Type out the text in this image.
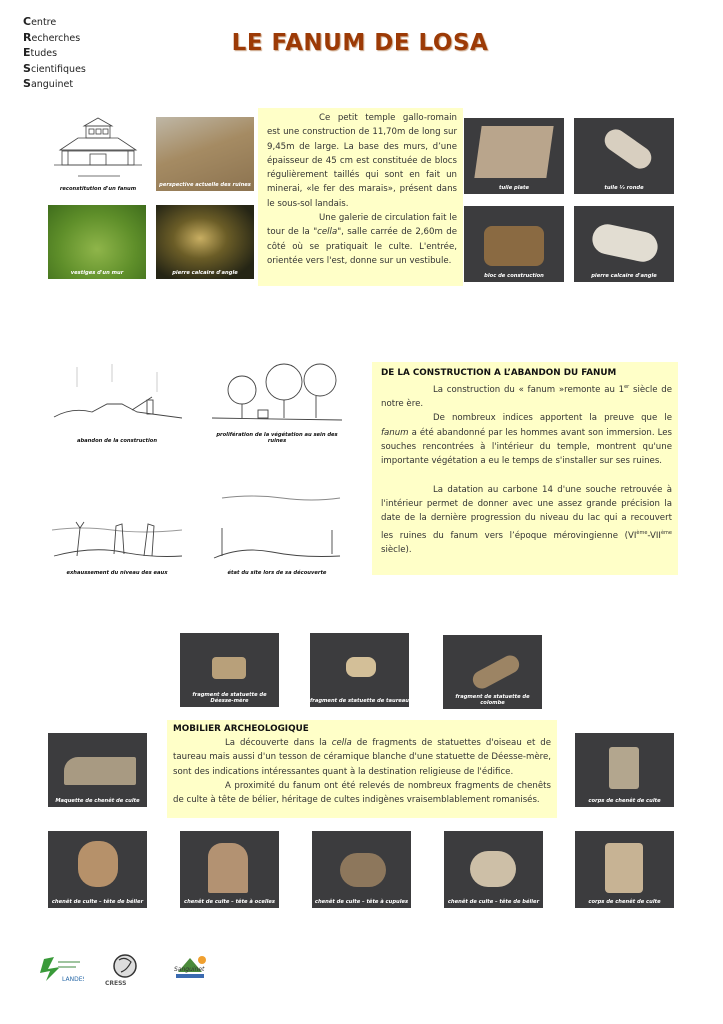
Centre
Recherches
Etudes
Scientifiques
Sanguinet
LE FANUM DE LOSA
reconstitution d'un fanum
perspective actuelle des ruines
vestiges d'un mur	pierre calcaire d'angle

Ce petit temple gallo-romain est une construction de 11,70m de long sur 9,45m de large. La base des murs, d’une épaisseur de 45 cm est constituée de blocs régulièrement taillés qui sont en fait un minerai, «le fer des marais», présent dans le sous-sol landais.

Une galerie de circulation fait le tour de la "cella", salle carrée de 2,60m de côté où se pratiquait le culte. L'entrée, orientée vers l'est, donne sur un vestibule.

tuile plate	tuile ½ ronde
bloc de construction	pierre calcaire d'angle
abandon de la construction
prolifération de la végétation au sein des ruines
exhaussement du niveau des eaux	état du site lors de sa découverte
DE LA CONSTRUCTION A L’ABANDON DU FANUM

La construction du « fanum »remonte au 1er siècle de notre ère.

De nombreux indices apportent la preuve que le fanum a été abandonné par les hommes avant son immersion. Les souches rencontrées à l'intérieur du temple, montrent qu'une importante végétation a eu le temps de s'installer sur ses ruines.

La datation au carbone 14 d'une souche retrouvée à l'intérieur permet de donner avec une assez grande précision la date de la dernière progression du niveau du lac qui a recouvert les ruines du fanum vers l’époque mérovingienne (VIème-VIIème siècle).

fragment de statuette de Déesse-mère	fragment de statuette de taureau
fragment de statuette de colombe
MOBILIER ARCHEOLOGIQUE

La découverte dans la cella de fragments de statuettes d'oiseau et de taureau mais aussi d'un tesson de céramique blanche d'une statuette de Déesse-mère, sont des indications intéressantes quant à la destination religieuse de l'édifice.

A proximité du fanum ont été relevés de nombreux fragments de chenêts de culte à tête de bélier, héritage de cultes indigènes vraisemblablement romanisés.

Maquette de chenêt de culte	corps de chenêt de culte
chenêt de culte – tête de bélier	chenêt de culte – tête à ocelles	chenêt de culte – tête à cupules	chenêt de culte – tête de bélier	corps de chenêt de culte
LANDES
CRESS
Sanguinet
